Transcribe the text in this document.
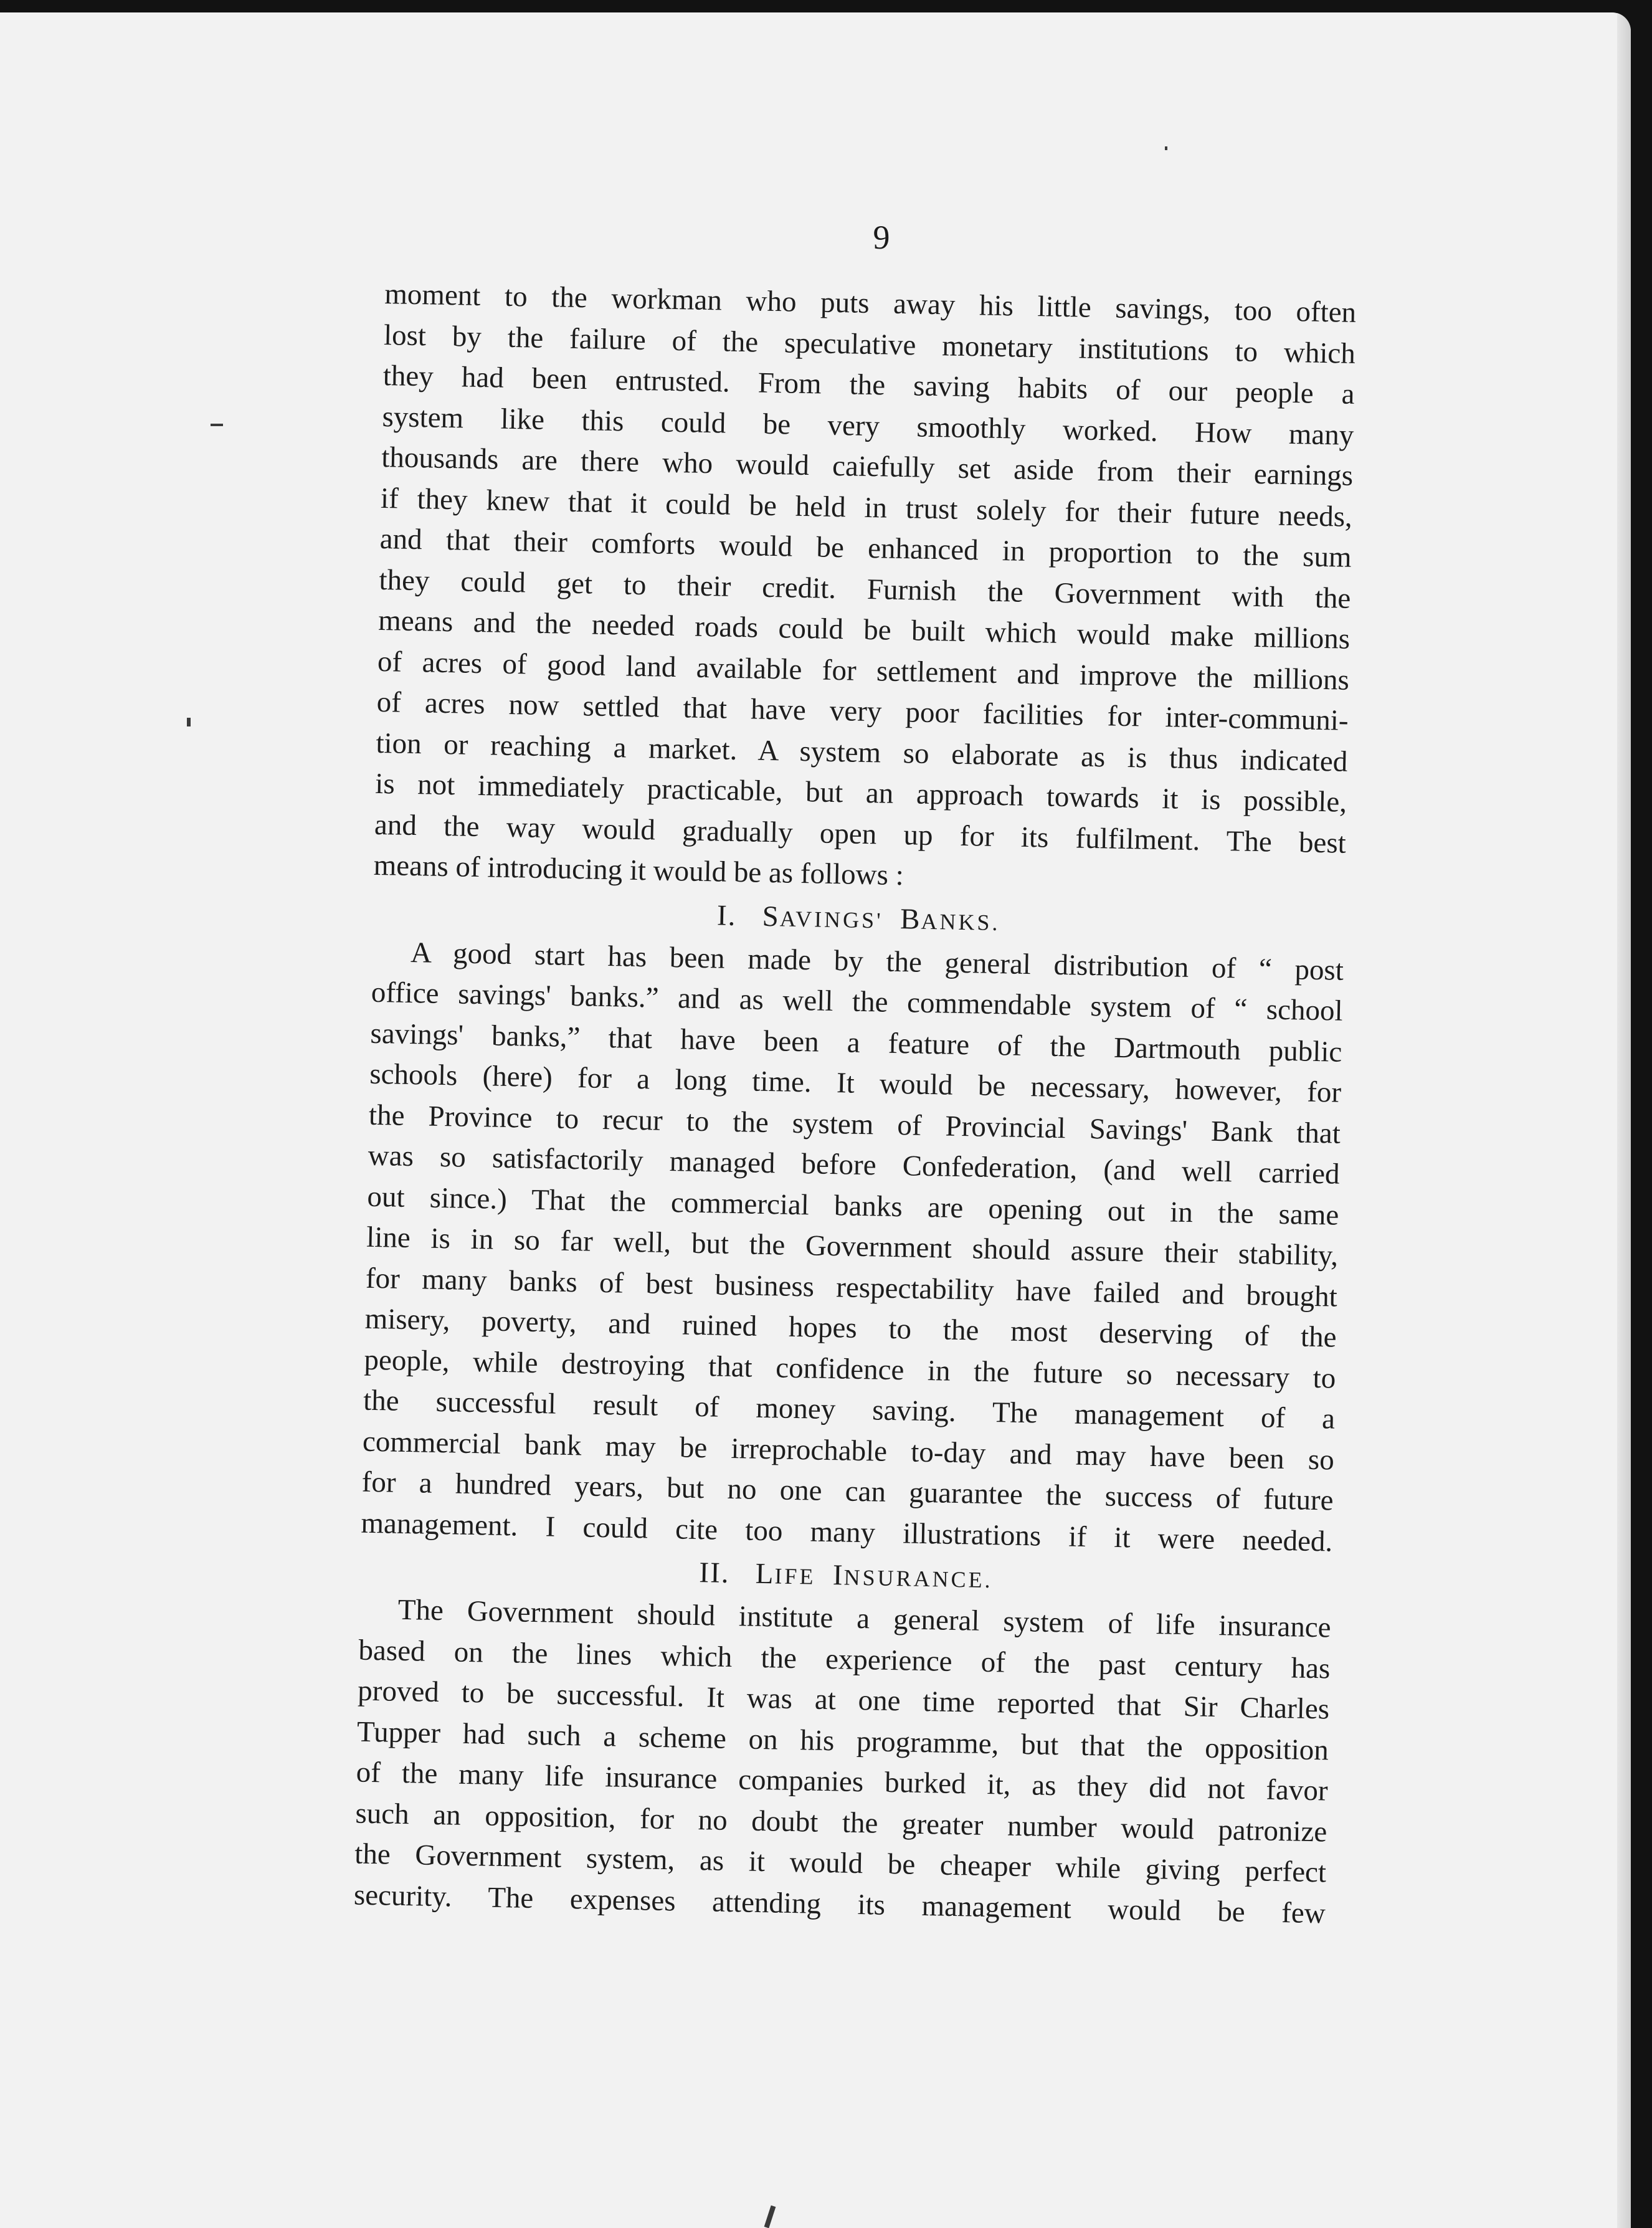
9
moment to the workman who puts away his little savings, too often
lost by the failure of the speculative monetary institutions to which
they had been entrusted. From the saving habits of our people a
system like this could be very smoothly worked. How many
thousands are there who would caiefully set aside from their earnings
if they knew that it could be held in trust solely for their future needs,
and that their comforts would be enhanced in proportion to the sum
they could get to their credit. Furnish the Government with the
means and the needed roads could be built which would make millions
of acres of good land available for settlement and improve the millions
of acres now settled that have very poor facilities for inter-communi-
tion or reaching a market. A system so elaborate as is thus indicated
is not immediately practicable, but an approach towards it is possible,
and the way would gradually open up for its fulfilment. The best
means of introducing it would be as follows :
I. SAVINGS' BANKS.
A good start has been made by the general distribution of “ post
office savings' banks.” and as well the commendable system of “ school
savings' banks,” that have been a feature of the Dartmouth public
schools (here) for a long time. It would be necessary, however, for
the Province to recur to the system of Provincial Savings' Bank that
was so satisfactorily managed before Confederation, (and well carried
out since.) That the commercial banks are opening out in the same
line is in so far well, but the Government should assure their stability,
for many banks of best business respectability have failed and brought
misery, poverty, and ruined hopes to the most deserving of the
people, while destroying that confidence in the future so necessary to
the successful result of money saving. The management of a
commercial bank may be irreprochable to-day and may have been so
for a hundred years, but no one can guarantee the success of future
management. I could cite too many illustrations if it were needed.
II. LIFE INSURANCE.
The Government should institute a general system of life insurance
based on the lines which the experience of the past century has
proved to be successful. It was at one time reported that Sir Charles
Tupper had such a scheme on his programme, but that the opposition
of the many life insurance companies burked it, as they did not favor
such an opposition, for no doubt the greater number would patronize
the Government system, as it would be cheaper while giving perfect
security. The expenses attending its management would be few
